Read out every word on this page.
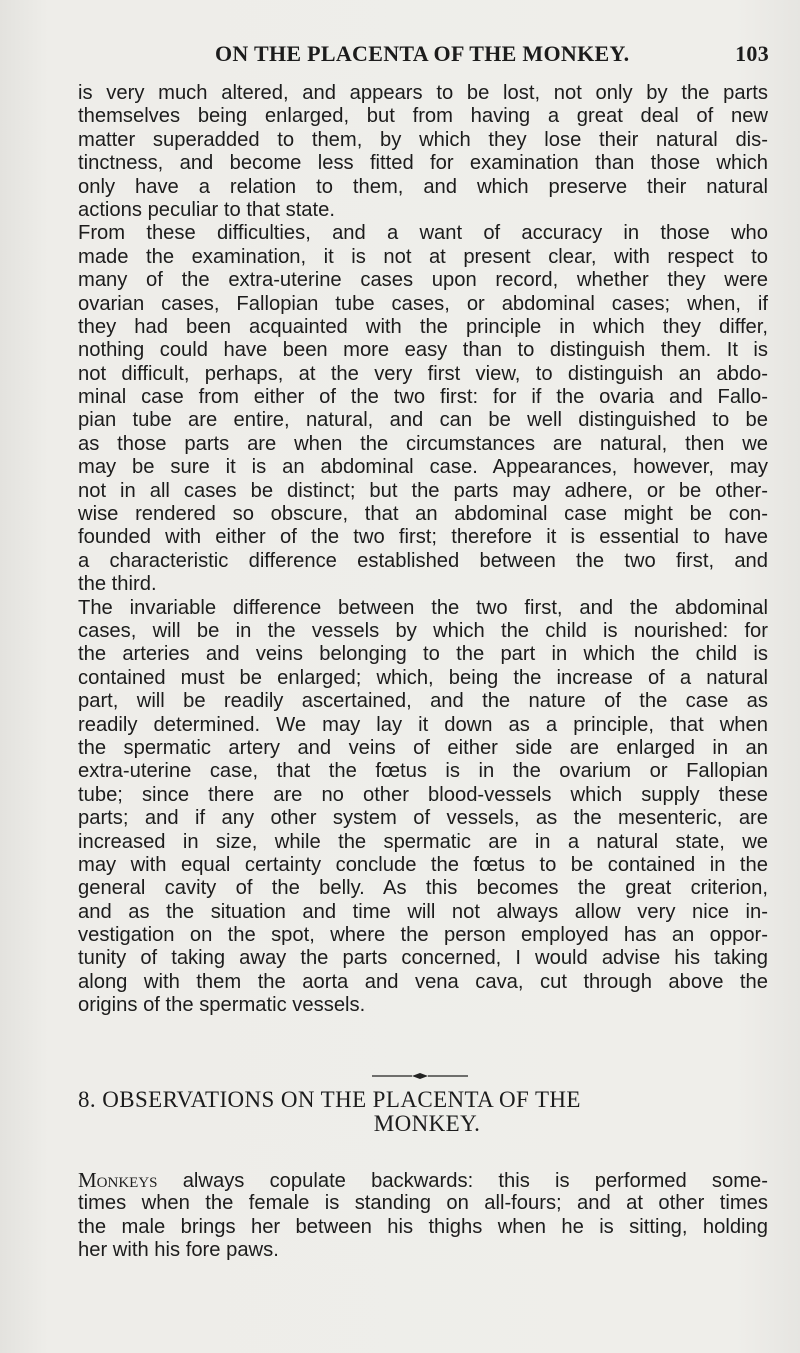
ON THE PLACENTA OF THE MONKEY.	103
is very much altered, and appears to be lost, not only by the parts
themselves being enlarged, but from having a great deal of new
matter superadded to them, by which they lose their natural dis-
tinctness, and become less fitted for examination than those which
only have a relation to them, and which preserve their natural
actions peculiar to that state.
From these difficulties, and a want of accuracy in those who
made the examination, it is not at present clear, with respect to
many of the extra-uterine cases upon record, whether they were
ovarian cases, Fallopian tube cases, or abdominal cases; when, if
they had been acquainted with the principle in which they differ,
nothing could have been more easy than to distinguish them. It is
not difficult, perhaps, at the very first view, to distinguish an abdo-
minal case from either of the two first: for if the ovaria and Fallo-
pian tube are entire, natural, and can be well distinguished to be
as those parts are when the circumstances are natural, then we
may be sure it is an abdominal case. Appearances, however, may
not in all cases be distinct; but the parts may adhere, or be other-
wise rendered so obscure, that an abdominal case might be con-
founded with either of the two first; therefore it is essential to have
a characteristic difference established between the two first, and
the third.
The invariable difference between the two first, and the abdominal
cases, will be in the vessels by which the child is nourished: for
the arteries and veins belonging to the part in which the child is
contained must be enlarged; which, being the increase of a natural
part, will be readily ascertained, and the nature of the case as
readily determined. We may lay it down as a principle, that when
the spermatic artery and veins of either side are enlarged in an
extra-uterine case, that the fœtus is in the ovarium or Fallopian
tube; since there are no other blood-vessels which supply these
parts; and if any other system of vessels, as the mesenteric, are
increased in size, while the spermatic are in a natural state, we
may with equal certainty conclude the fœtus to be contained in the
general cavity of the belly. As this becomes the great criterion,
and as the situation and time will not always allow very nice in-
vestigation on the spot, where the person employed has an oppor-
tunity of taking away the parts concerned, I would advise his taking
along with them the aorta and vena cava, cut through above the
origins of the spermatic vessels.
8. OBSERVATIONS ON THE PLACENTA OF THE
MONKEY.
Monkeys always copulate backwards: this is performed some-
times when the female is standing on all-fours; and at other times
the male brings her between his thighs when he is sitting, holding
her with his fore paws.
